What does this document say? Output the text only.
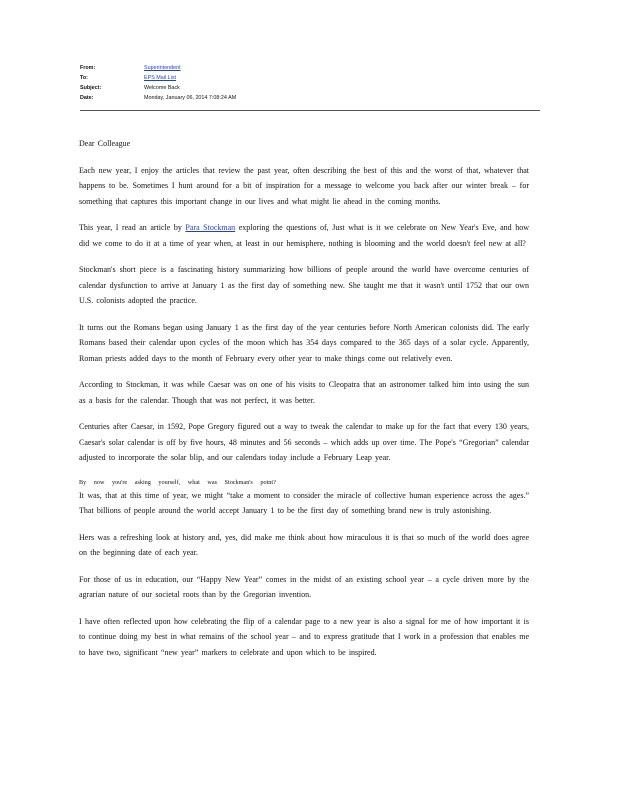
From:	Superintendent
To:	EPS Mail List
Subject:	Welcome Back
Date:	Monday, January 06, 2014 7:08:24 AM

Dear Colleague

Each new year, I enjoy the articles that review the past year, often describing the best of this and the worst of that, whatever that happens to be. Sometimes I hunt around for a bit of inspiration for a message to welcome you back after our winter break – for something that captures this important change in our lives and what might lie ahead in the coming months.

This year, I read an article by Para Stockman exploring the questions of, Just what is it we celebrate on New Year's Eve, and how did we come to do it at a time of year when, at least in our hemisphere, nothing is blooming and the world doesn't feel new at all?

Stockman's short piece is a fascinating history summarizing how billions of people around the world have overcome centuries of calendar dysfunction to arrive at January 1 as the first day of something new. She taught me that it wasn't until 1752 that our own U.S. colonists adopted the practice.

It turns out the Romans began using January 1 as the first day of the year centuries before North American colonists did. The early Romans based their calendar upon cycles of the moon which has 354 days compared to the 365 days of a solar cycle. Apparently, Roman priests added days to the month of February every other year to make things come out relatively even.

According to Stockman, it was while Caesar was on one of his visits to Cleopatra that an astronomer talked him into using the sun as a basis for the calendar. Though that was not perfect, it was better.

Centuries after Caesar, in 1592, Pope Gregory figured out a way to tweak the calendar to make up for the fact that every 130 years, Caesar's solar calendar is off by five hours, 48 minutes and 56 seconds – which adds up over time. The Pope's “Gregorian” calendar adjusted to incorporate the solar blip, and our calendars today include a February Leap year.

By now you're asking yourself, what was Stockman's point?

It was, that at this time of year, we might “take a moment to consider the miracle of collective human experience across the ages.” That billions of people around the world accept January 1 to be the first day of something brand new is truly astonishing.

Hers was a refreshing look at history and, yes, did make me think about how miraculous it is that so much of the world does agree on the beginning date of each year.

For those of us in education, our “Happy New Year” comes in the midst of an existing school year – a cycle driven more by the agrarian nature of our societal roots than by the Gregorian invention.

I have often reflected upon how celebrating the flip of a calendar page to a new year is also a signal for me of how important it is to continue doing my best in what remains of the school year – and to express gratitude that I work in a profession that enables me to have two, significant “new year” markers to celebrate and upon which to be inspired.
